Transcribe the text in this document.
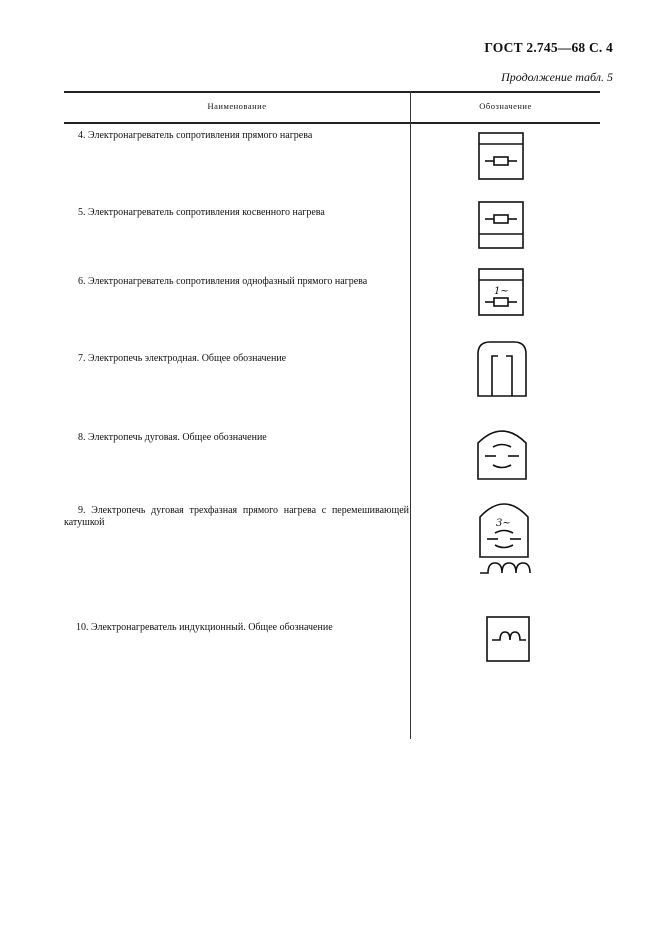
ГОСТ 2.745—68 С. 4
Продолжение табл. 5
Наименование	Обозначение
4. Электронагреватель сопротивления прямого нагрева
5. Электронагреватель сопротивления косвенного нагрева
6. Электронагреватель сопротивления однофазный прямого нагрева
1~
7. Электропечь электродная. Общее обозначение
8. Электропечь дуговая. Общее обозначение
9. Электропечь дуговая трехфазная прямого нагрева с перемешивающей катушкой	3~
10. Электронагреватель индукционный. Общее обозначение
